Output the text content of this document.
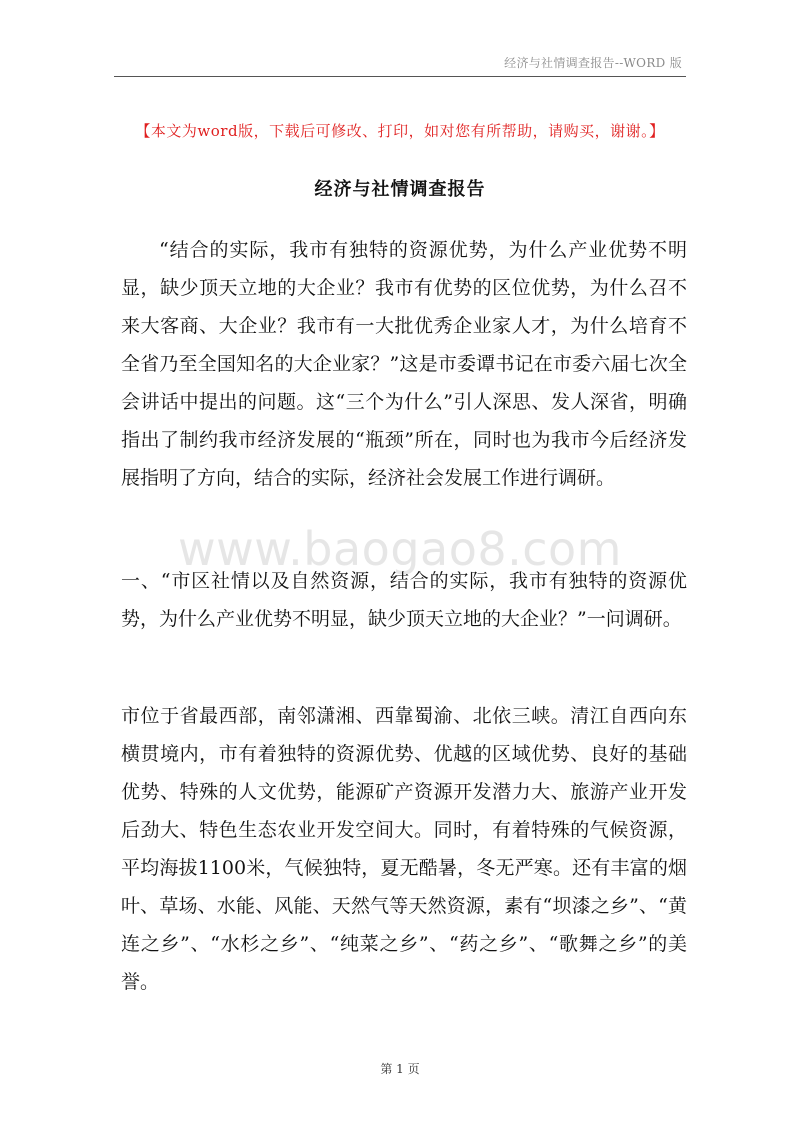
经济与社情调查报告--WORD 版
【本文为word版，下载后可修改、打印，如对您有所帮助，请购买，谢谢。】
经济与社情调查报告

“结合的实际，我市有独特的资源优势，为什么产业优势不明显，缺少顶天立地的大企业？我市有优势的区位优势，为什么召不来大客商、大企业？我市有一大批优秀企业家人才，为什么培育不全省乃至全国知名的大企业家？”这是市委谭书记在市委六届七次全会讲话中提出的问题。这“三个为什么”引人深思、发人深省，明确指出了制约我市经济发展的“瓶颈”所在，同时也为我市今后经济发展指明了方向，结合的实际，经济社会发展工作进行调研。

www.baogao8.com

一、“市区社情以及自然资源，结合的实际，我市有独特的资源优势，为什么产业优势不明显，缺少顶天立地的大企业？”一问调研。

市位于省最西部，南邻潇湘、西靠蜀渝、北依三峡。清江自西向东横贯境内，市有着独特的资源优势、优越的区域优势、良好的基础优势、特殊的人文优势，能源矿产资源开发潜力大、旅游产业开发后劲大、特色生态农业开发空间大。同时，有着特殊的气候资源，平均海拔1100米，气候独特，夏无酷暑，冬无严寒。还有丰富的烟叶、草场、水能、风能、天然气等天然资源，素有“坝漆之乡”、“黄连之乡”、“水杉之乡”、“纯菜之乡”、“药之乡”、“歌舞之乡”的美誉。

第 1 页
